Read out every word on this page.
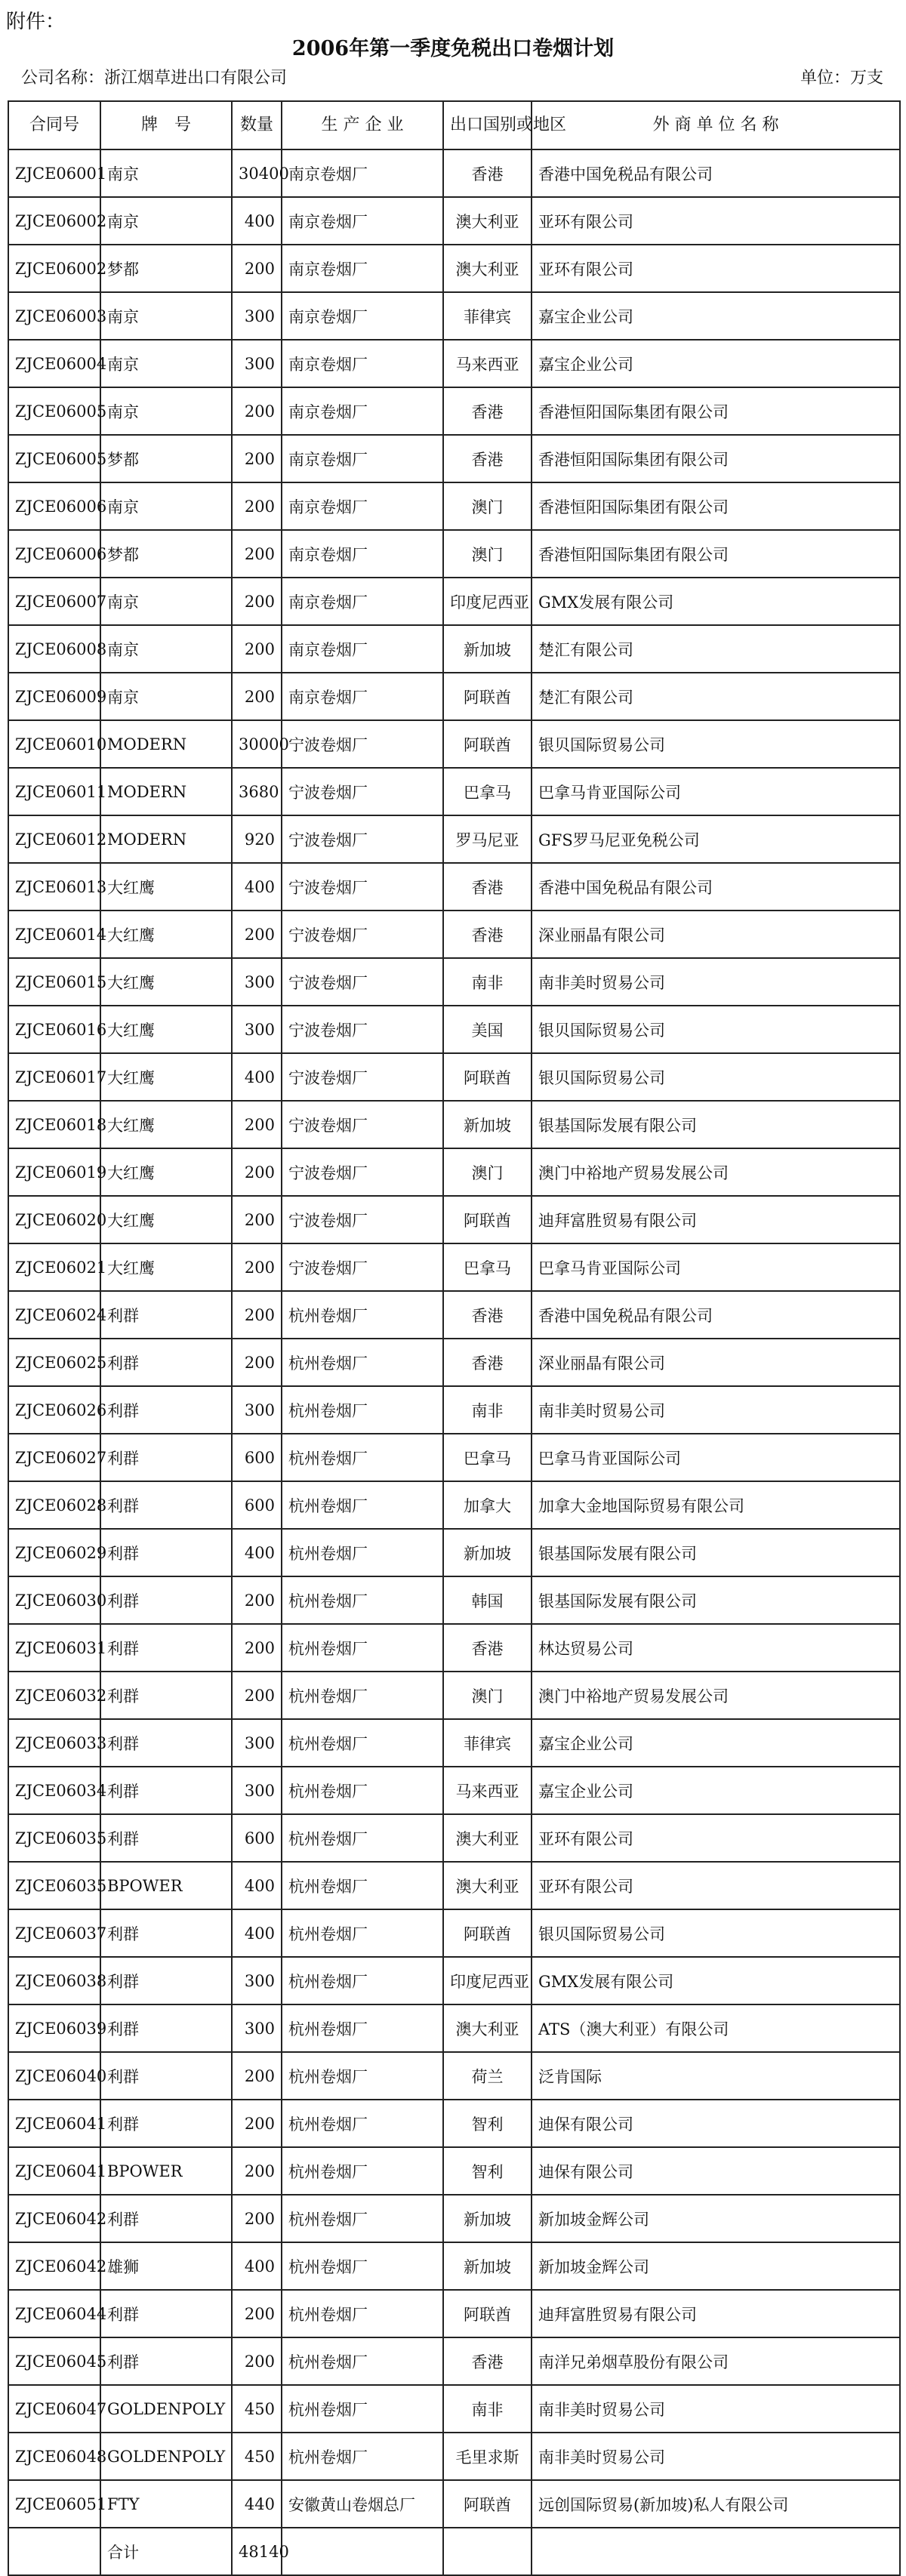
附件：
2006年第一季度免税出口卷烟计划
公司名称：浙江烟草进出口有限公司	单位：万支
合同号	牌　号	数量	生 产 企 业	出口国别或地区	外 商 单 位 名 称
ZJCE06001	南京	30400	南京卷烟厂	香港	香港中国免税品有限公司
ZJCE06002	南京	400	南京卷烟厂	澳大利亚	亚环有限公司
ZJCE06002	梦都	200	南京卷烟厂	澳大利亚	亚环有限公司
ZJCE06003	南京	300	南京卷烟厂	菲律宾	嘉宝企业公司
ZJCE06004	南京	300	南京卷烟厂	马来西亚	嘉宝企业公司
ZJCE06005	南京	200	南京卷烟厂	香港	香港恒阳国际集团有限公司
ZJCE06005	梦都	200	南京卷烟厂	香港	香港恒阳国际集团有限公司
ZJCE06006	南京	200	南京卷烟厂	澳门	香港恒阳国际集团有限公司
ZJCE06006	梦都	200	南京卷烟厂	澳门	香港恒阳国际集团有限公司
ZJCE06007	南京	200	南京卷烟厂	印度尼西亚	GMX发展有限公司
ZJCE06008	南京	200	南京卷烟厂	新加坡	楚汇有限公司
ZJCE06009	南京	200	南京卷烟厂	阿联酋	楚汇有限公司
ZJCE06010	MODERN	30000	宁波卷烟厂	阿联酋	银贝国际贸易公司
ZJCE06011	MODERN	3680	宁波卷烟厂	巴拿马	巴拿马肯亚国际公司
ZJCE06012	MODERN	920	宁波卷烟厂	罗马尼亚	GFS罗马尼亚免税公司
ZJCE06013	大红鹰	400	宁波卷烟厂	香港	香港中国免税品有限公司
ZJCE06014	大红鹰	200	宁波卷烟厂	香港	深业丽晶有限公司
ZJCE06015	大红鹰	300	宁波卷烟厂	南非	南非美时贸易公司
ZJCE06016	大红鹰	300	宁波卷烟厂	美国	银贝国际贸易公司
ZJCE06017	大红鹰	400	宁波卷烟厂	阿联酋	银贝国际贸易公司
ZJCE06018	大红鹰	200	宁波卷烟厂	新加坡	银基国际发展有限公司
ZJCE06019	大红鹰	200	宁波卷烟厂	澳门	澳门中裕地产贸易发展公司
ZJCE06020	大红鹰	200	宁波卷烟厂	阿联酋	迪拜富胜贸易有限公司
ZJCE06021	大红鹰	200	宁波卷烟厂	巴拿马	巴拿马肯亚国际公司
ZJCE06024	利群	200	杭州卷烟厂	香港	香港中国免税品有限公司
ZJCE06025	利群	200	杭州卷烟厂	香港	深业丽晶有限公司
ZJCE06026	利群	300	杭州卷烟厂	南非	南非美时贸易公司
ZJCE06027	利群	600	杭州卷烟厂	巴拿马	巴拿马肯亚国际公司
ZJCE06028	利群	600	杭州卷烟厂	加拿大	加拿大金地国际贸易有限公司
ZJCE06029	利群	400	杭州卷烟厂	新加坡	银基国际发展有限公司
ZJCE06030	利群	200	杭州卷烟厂	韩国	银基国际发展有限公司
ZJCE06031	利群	200	杭州卷烟厂	香港	林达贸易公司
ZJCE06032	利群	200	杭州卷烟厂	澳门	澳门中裕地产贸易发展公司
ZJCE06033	利群	300	杭州卷烟厂	菲律宾	嘉宝企业公司
ZJCE06034	利群	300	杭州卷烟厂	马来西亚	嘉宝企业公司
ZJCE06035	利群	600	杭州卷烟厂	澳大利亚	亚环有限公司
ZJCE06035	BPOWER	400	杭州卷烟厂	澳大利亚	亚环有限公司
ZJCE06037	利群	400	杭州卷烟厂	阿联酋	银贝国际贸易公司
ZJCE06038	利群	300	杭州卷烟厂	印度尼西亚	GMX发展有限公司
ZJCE06039	利群	300	杭州卷烟厂	澳大利亚	ATS（澳大利亚）有限公司
ZJCE06040	利群	200	杭州卷烟厂	荷兰	泛肯国际
ZJCE06041	利群	200	杭州卷烟厂	智利	迪保有限公司
ZJCE06041	BPOWER	200	杭州卷烟厂	智利	迪保有限公司
ZJCE06042	利群	200	杭州卷烟厂	新加坡	新加坡金辉公司
ZJCE06042	雄狮	400	杭州卷烟厂	新加坡	新加坡金辉公司
ZJCE06044	利群	200	杭州卷烟厂	阿联酋	迪拜富胜贸易有限公司
ZJCE06045	利群	200	杭州卷烟厂	香港	南洋兄弟烟草股份有限公司
ZJCE06047	GOLDENPOLY	450	杭州卷烟厂	南非	南非美时贸易公司
ZJCE06048	GOLDENPOLY	450	杭州卷烟厂	毛里求斯	南非美时贸易公司
ZJCE06051	FTY	440	安徽黄山卷烟总厂	阿联酋	远创国际贸易(新加坡)私人有限公司
	合计	48140			
